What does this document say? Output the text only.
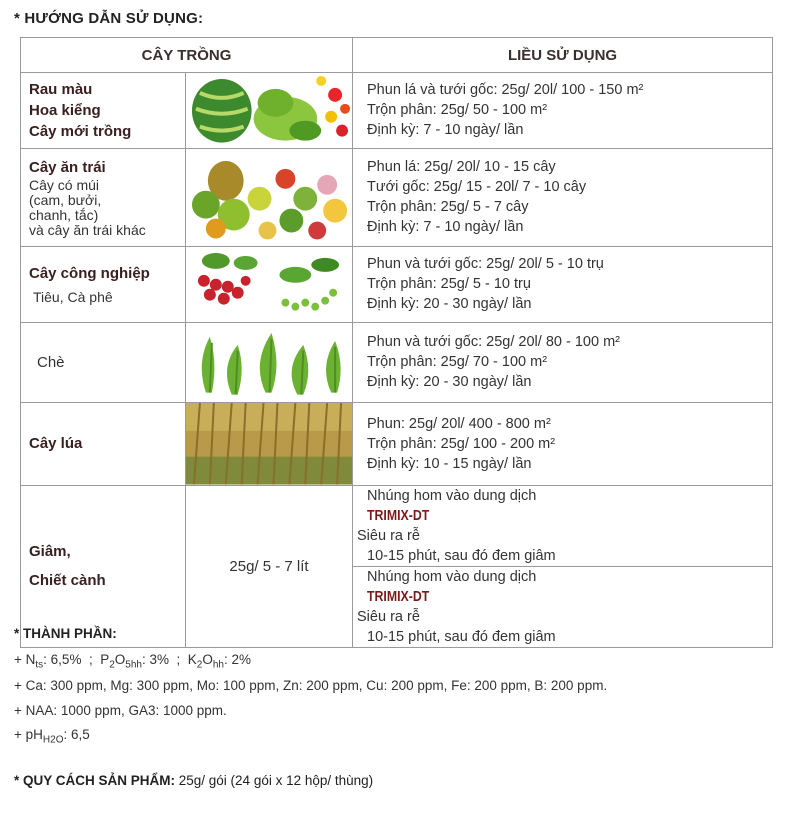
* HƯỚNG DẪN SỬ DỤNG:
CÂY TRỒNG		LIỀU SỬ DỤNG

Rau màu
Hoa kiểng
Cây mới trồng		Phun lá và tưới gốc: 25g/ 20l/ 100 - 150 m²
Trộn phân: 25g/ 50 - 100 m²
Định kỳ: 7 - 10 ngày/ lần

Cây ăn trái
Cây có múi
(cam, bưởi,
chanh, tắc)
và cây ăn trái khác		Phun lá: 25g/ 20l/ 10 - 15 cây
Tưới gốc: 25g/ 15 - 20l/ 7 - 10 cây
Trộn phân: 25g/ 5 - 7 cây
Định kỳ: 7 - 10 ngày/ lần

Cây công nghiệp
Tiêu, Cà phê		Phun và tưới gốc: 25g/ 20l/ 5 - 10 trụ
Trộn phân: 25g/ 5 - 10 trụ
Định kỳ: 20 - 30 ngày/ lần

Chè		Phun và tưới gốc: 25g/ 20l/ 80 - 100 m²
Trộn phân: 25g/ 70 - 100 m²
Định kỳ: 20 - 30 ngày/ lần

Cây lúa		Phun: 25g/ 20l/ 400 - 800 m²
Trộn phân: 25g/ 100 - 200 m²
Định kỳ: 10 - 15 ngày/ lần

Giâm,
Chiết cành	25g/ 5 - 7 lít	Nhúng hom vào dung dịch
TRIMIX-DT
Siêu ra rễ
10-15 phút, sau đó đem giâm

		Nhúng hom vào dung dịch
TRIMIX-DT
Siêu ra rễ
10-15 phút, sau đó đem giâm
* THÀNH PHẦN:
+ $N_{ts}$: 6,5%  ;  $P_2O_{5hh}$: 3%  ;  $K_2O_{hh}$: 2%
+ Ca: 300 ppm, Mg: 300 ppm, Mo: 100 ppm, Zn: 200 ppm, Cu: 200 ppm, Fe: 200 ppm, B: 200 ppm.
+ NAA: 1000 ppm, GA3: 1000 ppm.
+ $pH_{H2O}$: 6,5
* QUY CÁCH SẢN PHẨM: 25g/ gói (24 gói x 12 hộp/ thùng)
